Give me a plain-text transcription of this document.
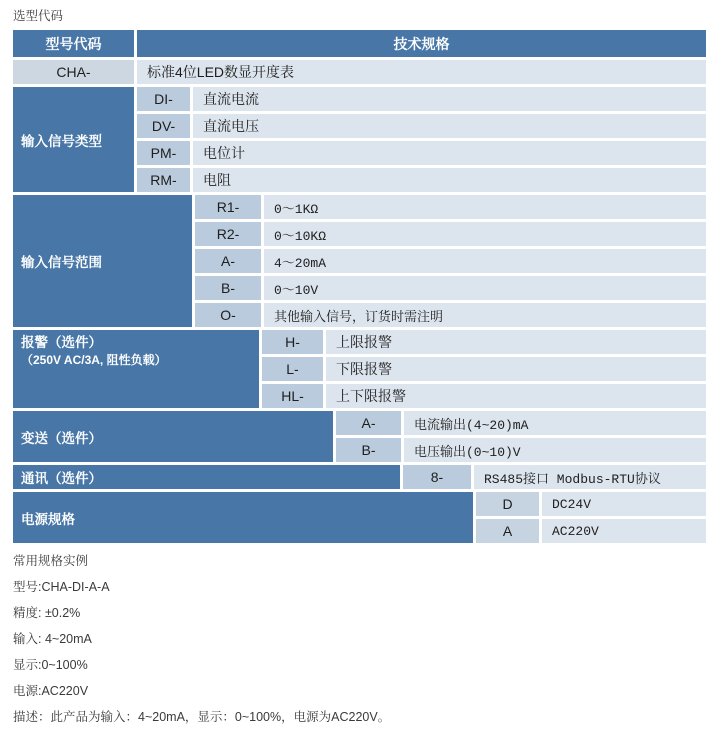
选型代码
型号代码	技术规格
CHA-	标准4位LED数显开度表
输入信号类型
DI-	直流电流
DV-	直流电压
PM-	电位计
RM-	电阻
输入信号范围
R1-	0～1KΩ
R2-	0～10KΩ
A-	4～20mA
B-	0～10V
O-	其他输入信号，订货时需注明
报警（选件）
（250V AC/3A, 阻性负载）
H-	上限报警
L-	下限报警
HL-	上下限报警
变送（选件）
A-	电流输出(4~20)mA
B-	电压输出(0~10)V
通讯（选件）	8-	RS485接口 Modbus-RTU协议
电源规格
D	DC24V
A	AC220V
常用规格实例
型号:CHA-DI-A-A
精度: ±0.2%
输入: 4~20mA
显示:0~100%
电源:AC220V
描述：此产品为输入：4~20mA，显示：0~100%，电源为AC220V。
